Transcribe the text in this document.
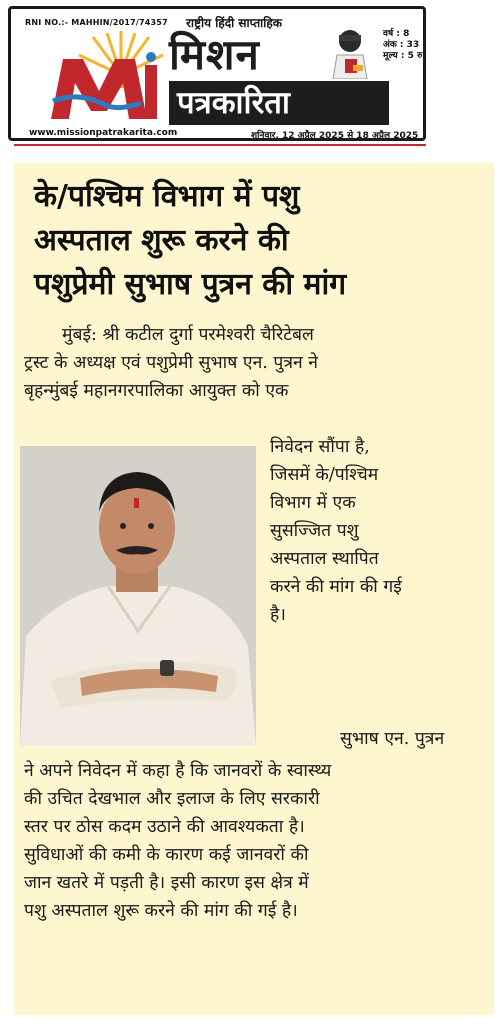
RNI NO.:- MAHHIN/2017/74357 राष्ट्रीय हिंदी साप्ताहिक
मिशन
पत्रकारिता
वर्ष : 8
अंक : 33
मूल्य : 5 रु.
www.missionpatrakarita.com	शनिवार, 12 अप्रैल 2025 से 18 अप्रैल 2025
के/पश्चिम विभाग में पशु
अस्पताल शुरू करने की
पशुप्रेमी सुभाष पुत्रन की मांग
मुंबई: श्री कटील दुर्गा परमेश्वरी चैरिटेबल
ट्रस्ट के अध्यक्ष एवं पशुप्रेमी सुभाष एन. पुत्रन ने
बृहन्मुंबई महानगरपालिका आयुक्त को एक
निवेदन सौंपा है,
जिसमें के/पश्चिम
विभाग में एक
सुसज्जित पशु
अस्पताल स्थापित
करने की मांग की गई
है।
सुभाष एन. पुत्रन
ने अपने निवेदन में कहा है कि जानवरों के स्वास्थ्य
की उचित देखभाल और इलाज के लिए सरकारी
स्तर पर ठोस कदम उठाने की आवश्यकता है।
सुविधाओं की कमी के कारण कई जानवरों की
जान खतरे में पड़ती है। इसी कारण इस क्षेत्र में
पशु अस्पताल शुरू करने की मांग की गई है।
